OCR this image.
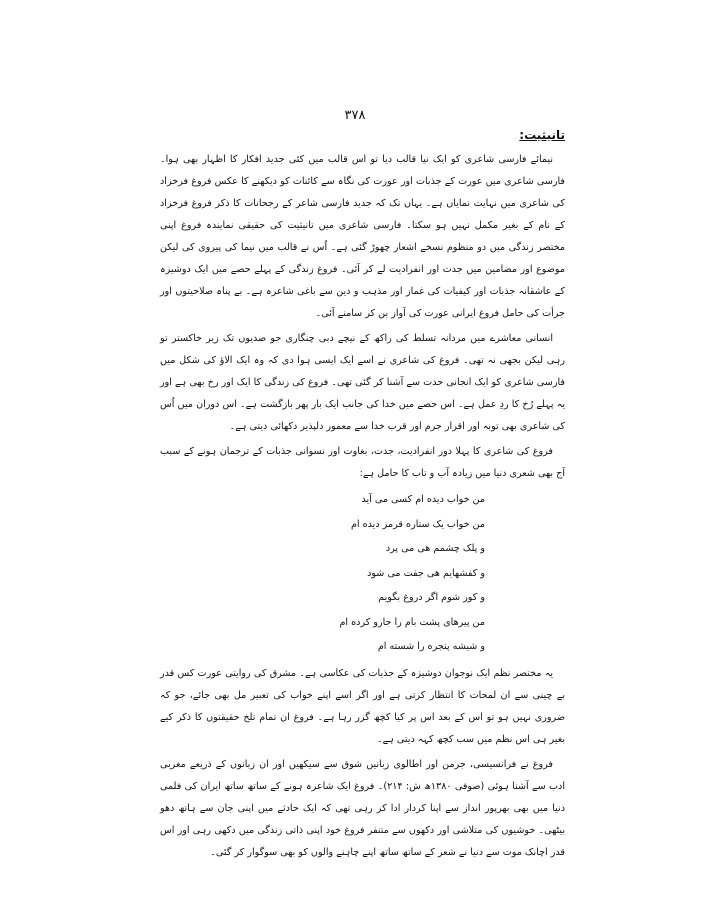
۳۷۸
تانیثیت:

نیمائے فارسی شاعری کو ایک نیا قالب دیا تو اس قالب میں کئی جدید افکار کا اظہار بھی ہوا۔ فارسی شاعری میں عورت کے جذبات اور عورت کی نگاہ سے کائنات کو دیکھنے کا عکس فروغ فرخزاد کی شاعری میں نہایت نمایاں ہے۔ یہاں تک کہ جدید فارسی شاعر کے رجحانات کا ذکر فروغ فرخزاد کے نام کے بغیر مکمل نہیں ہو سکتا۔ فارسی شاعری میں تانیثیت کی حقیقی نمایندہ فروغ اپنی مختصر زندگی میں دو منظوم نسخے اشعار چھوڑ گئی ہے۔ اُس نے قالب میں نیما کی پیروی کی لیکن موضوع اور مضامین میں جدت اور انفرادیت لے کر آئی۔ فروغ زندگی کے پہلے حصے میں ایک دوشیزہ کے عاشقانہ جذبات اور کیفیات کی غماز اور مذہب و دین سے باغی شاعرہ ہے۔ بے پناہ صلاحیتوں اور جرأت کی حامل فروغ ایرانی عورت کی آواز بن کر سامنے آئی۔

انسانی معاشرے میں مردانہ تسلط کی راکھ کے نیچے دبی چنگاری جو صدیوں تک زیر خاکستر تو رہی لیکن بجھی نہ تھی۔ فروغ کی شاعری نے اسے ایک ایسی ہوا دی کہ وہ ایک الاؤ کی شکل میں فارسی شاعری کو ایک انجانی حدت سے آشنا کر گئی تھی۔ فروغ کی زندگی کا ایک اور رخ بھی ہے اور یہ پہلے رُخ کا ردِ عمل ہے۔ اس حصے میں خدا کی جانب ایک بار پھر بازگشت ہے۔ اس دوران میں اُس کی شاعری بھی توبہ اور اقرار جرم اور قرب خدا سے معمور دلپذیر دکھائی دیتی ہے۔

فروغ کی شاعری کا پہلا دور انفرادیت، جدت، بغاوت اور نسوانی جذبات کے ترجمان ہونے کے سبب آج بھی شعری دنیا میں زیادہ آب و تاب کا حامل ہے:

من خواب دیده ام کسی می آید
من خواب یک ستاره قرمز دیده ام
و پلک چشمم هی می پرد
و کفشهایم هی جفت می شود
و کور شوم اگر دروغ بگویم
من پیرهای پشت بام را جارو کرده ام
و شیشه پنجره را شسته ام

یہ مختصر نظم ایک نوجوان دوشیزہ کے جذبات کی عکاسی ہے۔ مشرق کی روایتی عورت کس قدر بے چینی سے ان لمحات کا انتظار کرتی ہے اور اگر اسے اپنے خواب کی تعبیر مل بھی جائے، جو کہ ضروری نہیں ہو تو اس کے بعد اس پر کیا کچھ گزر رہا ہے۔ فروغ ان تمام تلخ حقیقتوں کا ذکر کیے بغیر ہی اس نظم میں سب کچھ کہہ دیتی ہے۔

فروغ نے فرانسیسی، جرمن اور اطالوی زبانیں شوق سے سیکھیں اور ان زبانوں کے ذریعے مغربی ادب سے آشنا ہوئی (صوفی ۱۳۸۰ھ ش: ۲۱۴)۔ فروغ ایک شاعرہ ہونے کے ساتھ ساتھ ایران کی فلمی دنیا میں بھی بھرپور انداز سے اپنا کردار ادا کر رہی تھی کہ ایک حادثے میں اپنی جان سے ہاتھ دھو بیٹھی۔ خوشیوں کی متلاشی اور دکھوں سے متنفر فروغ خود اپنی ذاتی زندگی میں دکھی رہی اور اس قدر اچانک موت سے دنیا نے شعر کے ساتھ ساتھ اپنے چاہنے والوں کو بھی سوگوار کر گئی۔
